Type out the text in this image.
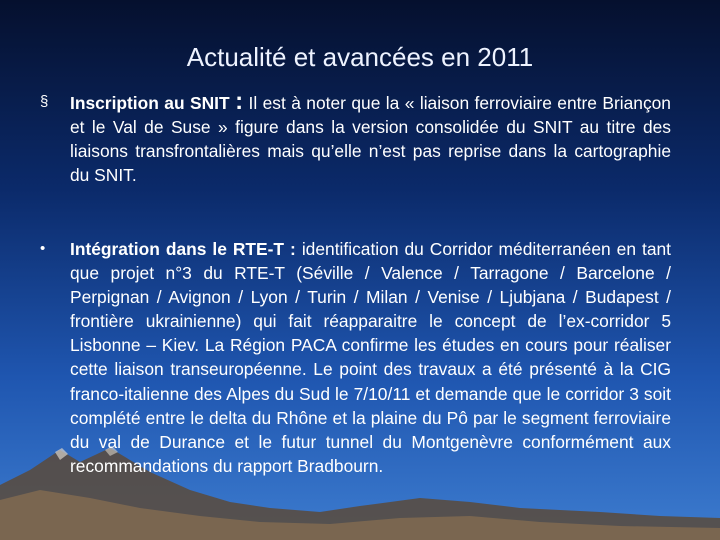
Actualité et avancées en 2011
§ Inscription au SNIT : Il est à noter que la « liaison ferroviaire entre Briançon et le Val de Suse » figure dans la version consolidée du SNIT au titre des liaisons transfrontalières mais qu’elle n’est pas reprise dans la cartographie du SNIT.
• Intégration dans le RTE-T : identification du Corridor méditerranéen en tant que projet n°3 du RTE-T (Séville / Valence / Tarragone / Barcelone / Perpignan / Avignon / Lyon / Turin / Milan / Venise / Ljubjana / Budapest / frontière ukrainienne) qui fait réapparaitre le concept de l’ex-corridor 5 Lisbonne – Kiev. La Région PACA confirme les études en cours pour réaliser cette liaison transeuropéenne. Le point des travaux a été présenté à la CIG franco-italienne des Alpes du Sud le 7/10/11 et demande que le corridor 3 soit complété entre le delta du Rhône et la plaine du Pô par le segment ferroviaire du val de Durance et le futur tunnel du Montgenèvre conformément aux recommandations du rapport Bradbourn.
